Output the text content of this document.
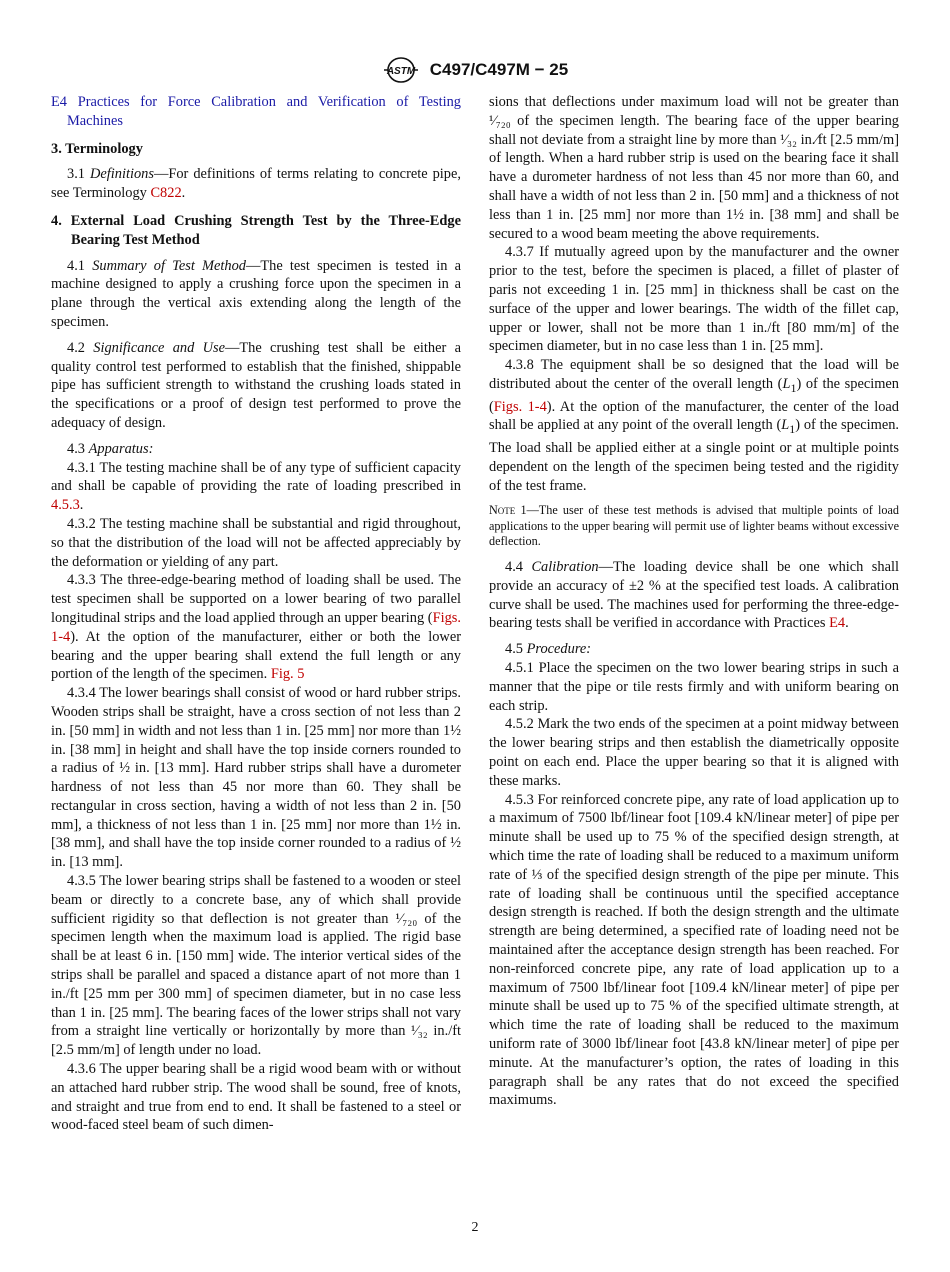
ASTM C497/C497M − 25

E4 Practices for Force Calibration and Verification of Testing Machines

3. Terminology

3.1 Definitions—For definitions of terms relating to concrete pipe, see Terminology C822.

4. External Load Crushing Strength Test by the Three-Edge Bearing Test Method

4.1 Summary of Test Method—The test specimen is tested in a machine designed to apply a crushing force upon the specimen in a plane through the vertical axis extending along the length of the specimen.

4.2 Significance and Use—The crushing test shall be either a quality control test performed to establish that the finished, shippable pipe has sufficient strength to withstand the crushing loads stated in the specifications or a proof of design test performed to prove the adequacy of design.

4.3 Apparatus:

4.3.1 The testing machine shall be of any type of sufficient capacity and shall be capable of providing the rate of loading prescribed in 4.5.3.

4.3.2 The testing machine shall be substantial and rigid throughout, so that the distribution of the load will not be affected appreciably by the deformation or yielding of any part.

4.3.3 The three-edge-bearing method of loading shall be used. The test specimen shall be supported on a lower bearing of two parallel longitudinal strips and the load applied through an upper bearing (Figs. 1-4). At the option of the manufacturer, either or both the lower bearing and the upper bearing shall extend the full length or any portion of the length of the specimen. Fig. 5

4.3.4 The lower bearings shall consist of wood or hard rubber strips. Wooden strips shall be straight, have a cross section of not less than 2 in. [50 mm] in width and not less than 1 in. [25 mm] nor more than 1½ in. [38 mm] in height and shall have the top inside corners rounded to a radius of ½ in. [13 mm]. Hard rubber strips shall have a durometer hardness of not less than 45 nor more than 60. They shall be rectangular in cross section, having a width of not less than 2 in. [50 mm], a thickness of not less than 1 in. [25 mm] nor more than 1½ in. [38 mm], and shall have the top inside corner rounded to a radius of ½ in. [13 mm].

4.3.5 The lower bearing strips shall be fastened to a wooden or steel beam or directly to a concrete base, any of which shall provide sufficient rigidity so that deflection is not greater than ¹⁄₇₂₀ of the specimen length when the maximum load is applied. The rigid base shall be at least 6 in. [150 mm] wide. The interior vertical sides of the strips shall be parallel and spaced a distance apart of not more than 1 in./ft [25 mm per 300 mm] of specimen diameter, but in no case less than 1 in. [25 mm]. The bearing faces of the lower strips shall not vary from a straight line vertically or horizontally by more than ¹⁄₃₂ in./ft [2.5 mm/m] of length under no load.

4.3.6 The upper bearing shall be a rigid wood beam with or without an attached hard rubber strip. The wood shall be sound, free of knots, and straight and true from end to end. It shall be fastened to a steel or wood-faced steel beam of such dimen-

sions that deflections under maximum load will not be greater than ¹⁄₇₂₀ of the specimen length. The bearing face of the upper bearing shall not deviate from a straight line by more than ¹⁄₃₂ in.⁄ft [2.5 mm/m] of length. When a hard rubber strip is used on the bearing face it shall have a durometer hardness of not less than 45 nor more than 60, and shall have a width of not less than 2 in. [50 mm] and a thickness of not less than 1 in. [25 mm] nor more than 1½ in. [38 mm] and shall be secured to a wood beam meeting the above requirements.

4.3.7 If mutually agreed upon by the manufacturer and the owner prior to the test, before the specimen is placed, a fillet of plaster of paris not exceeding 1 in. [25 mm] in thickness shall be cast on the surface of the upper and lower bearings. The width of the fillet cap, upper or lower, shall not be more than 1 in./ft [80 mm/m] of the specimen diameter, but in no case less than 1 in. [25 mm].

4.3.8 The equipment shall be so designed that the load will be distributed about the center of the overall length $(L_1)$ of the specimen (Figs. 1-4). At the option of the manufacturer, the center of the load shall be applied at any point of the overall length $(L_1)$ of the specimen. The load shall be applied either at a single point or at multiple points dependent on the length of the specimen being tested and the rigidity of the test frame.

Note 1—The user of these test methods is advised that multiple points of load applications to the upper bearing will permit use of lighter beams without excessive deflection.

4.4 Calibration—The loading device shall be one which shall provide an accuracy of ±2 % at the specified test loads. A calibration curve shall be used. The machines used for performing the three-edge-bearing tests shall be verified in accordance with Practices E4.

4.5 Procedure:

4.5.1 Place the specimen on the two lower bearing strips in such a manner that the pipe or tile rests firmly and with uniform bearing on each strip.

4.5.2 Mark the two ends of the specimen at a point midway between the lower bearing strips and then establish the diametrically opposite point on each end. Place the upper bearing so that it is aligned with these marks.

4.5.3 For reinforced concrete pipe, any rate of load application up to a maximum of 7500 lbf/linear foot [109.4 kN/linear meter] of pipe per minute shall be used up to 75 % of the specified design strength, at which time the rate of loading shall be reduced to a maximum uniform rate of ⅓ of the specified design strength of the pipe per minute. This rate of loading shall be continuous until the specified acceptance design strength is reached. If both the design strength and the ultimate strength are being determined, a specified rate of loading need not be maintained after the acceptance design strength has been reached. For non-reinforced concrete pipe, any rate of load application up to a maximum of 7500 lbf/linear foot [109.4 kN/linear meter] of pipe per minute shall be used up to 75 % of the specified ultimate strength, at which time the rate of loading shall be reduced to the maximum uniform rate of 3000 lbf/linear foot [43.8 kN/linear meter] of pipe per minute. At the manufacturer’s option, the rates of loading in this paragraph shall be any rates that do not exceed the specified maximums.

2
